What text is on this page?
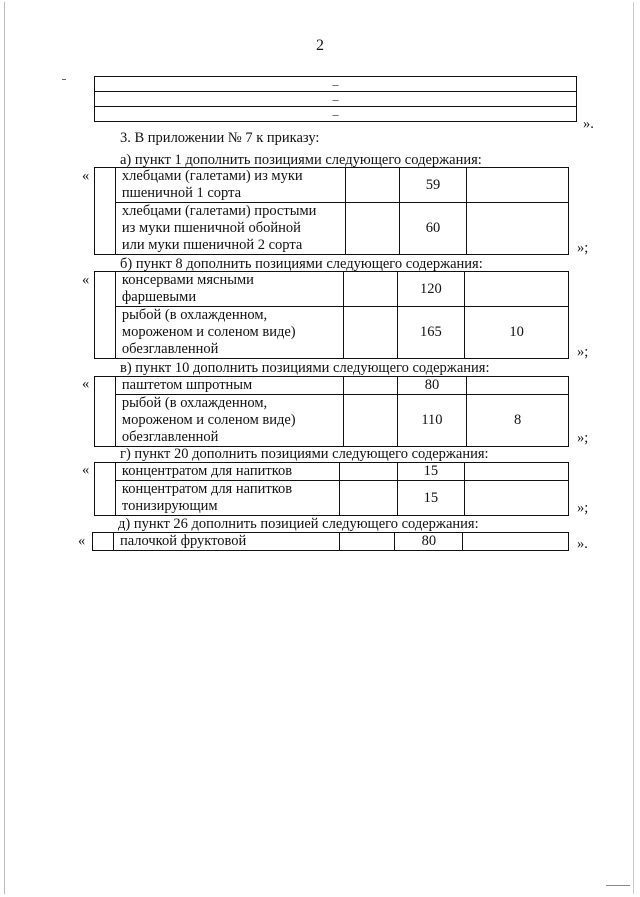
2
–
–
–
».
3. В приложении № 7 к приказу:
а) пункт 1 дополнить позициями следующего содержания:
«

	хлебцами (галетами) из муки
пшеничной 1 сорта		59	

	хлебцами (галетами) простыми
из муки пшеничной обойной
или муки пшеничной 2 сорта		60	
»;
б) пункт 8 дополнить позициями следующего содержания:
«

	консервами мясными
фаршевыми		120	

	рыбой (в охлажденном,
мороженом и соленом виде)
обезглавленной		165	10
»;
в) пункт 10 дополнить позициями следующего содержания:
«

	паштетом шпротным		80	

	рыбой (в охлажденном,
мороженом и соленом виде)
обезглавленной		110	8
»;
г) пункт 20 дополнить позициями следующего содержания:
«

	концентратом для напитков		15	

	концентратом для напитков
тонизирующим		15	
»;
д) пункт 26 дополнить позицией следующего содержания:
«
	палочкой фруктовой		80		».
